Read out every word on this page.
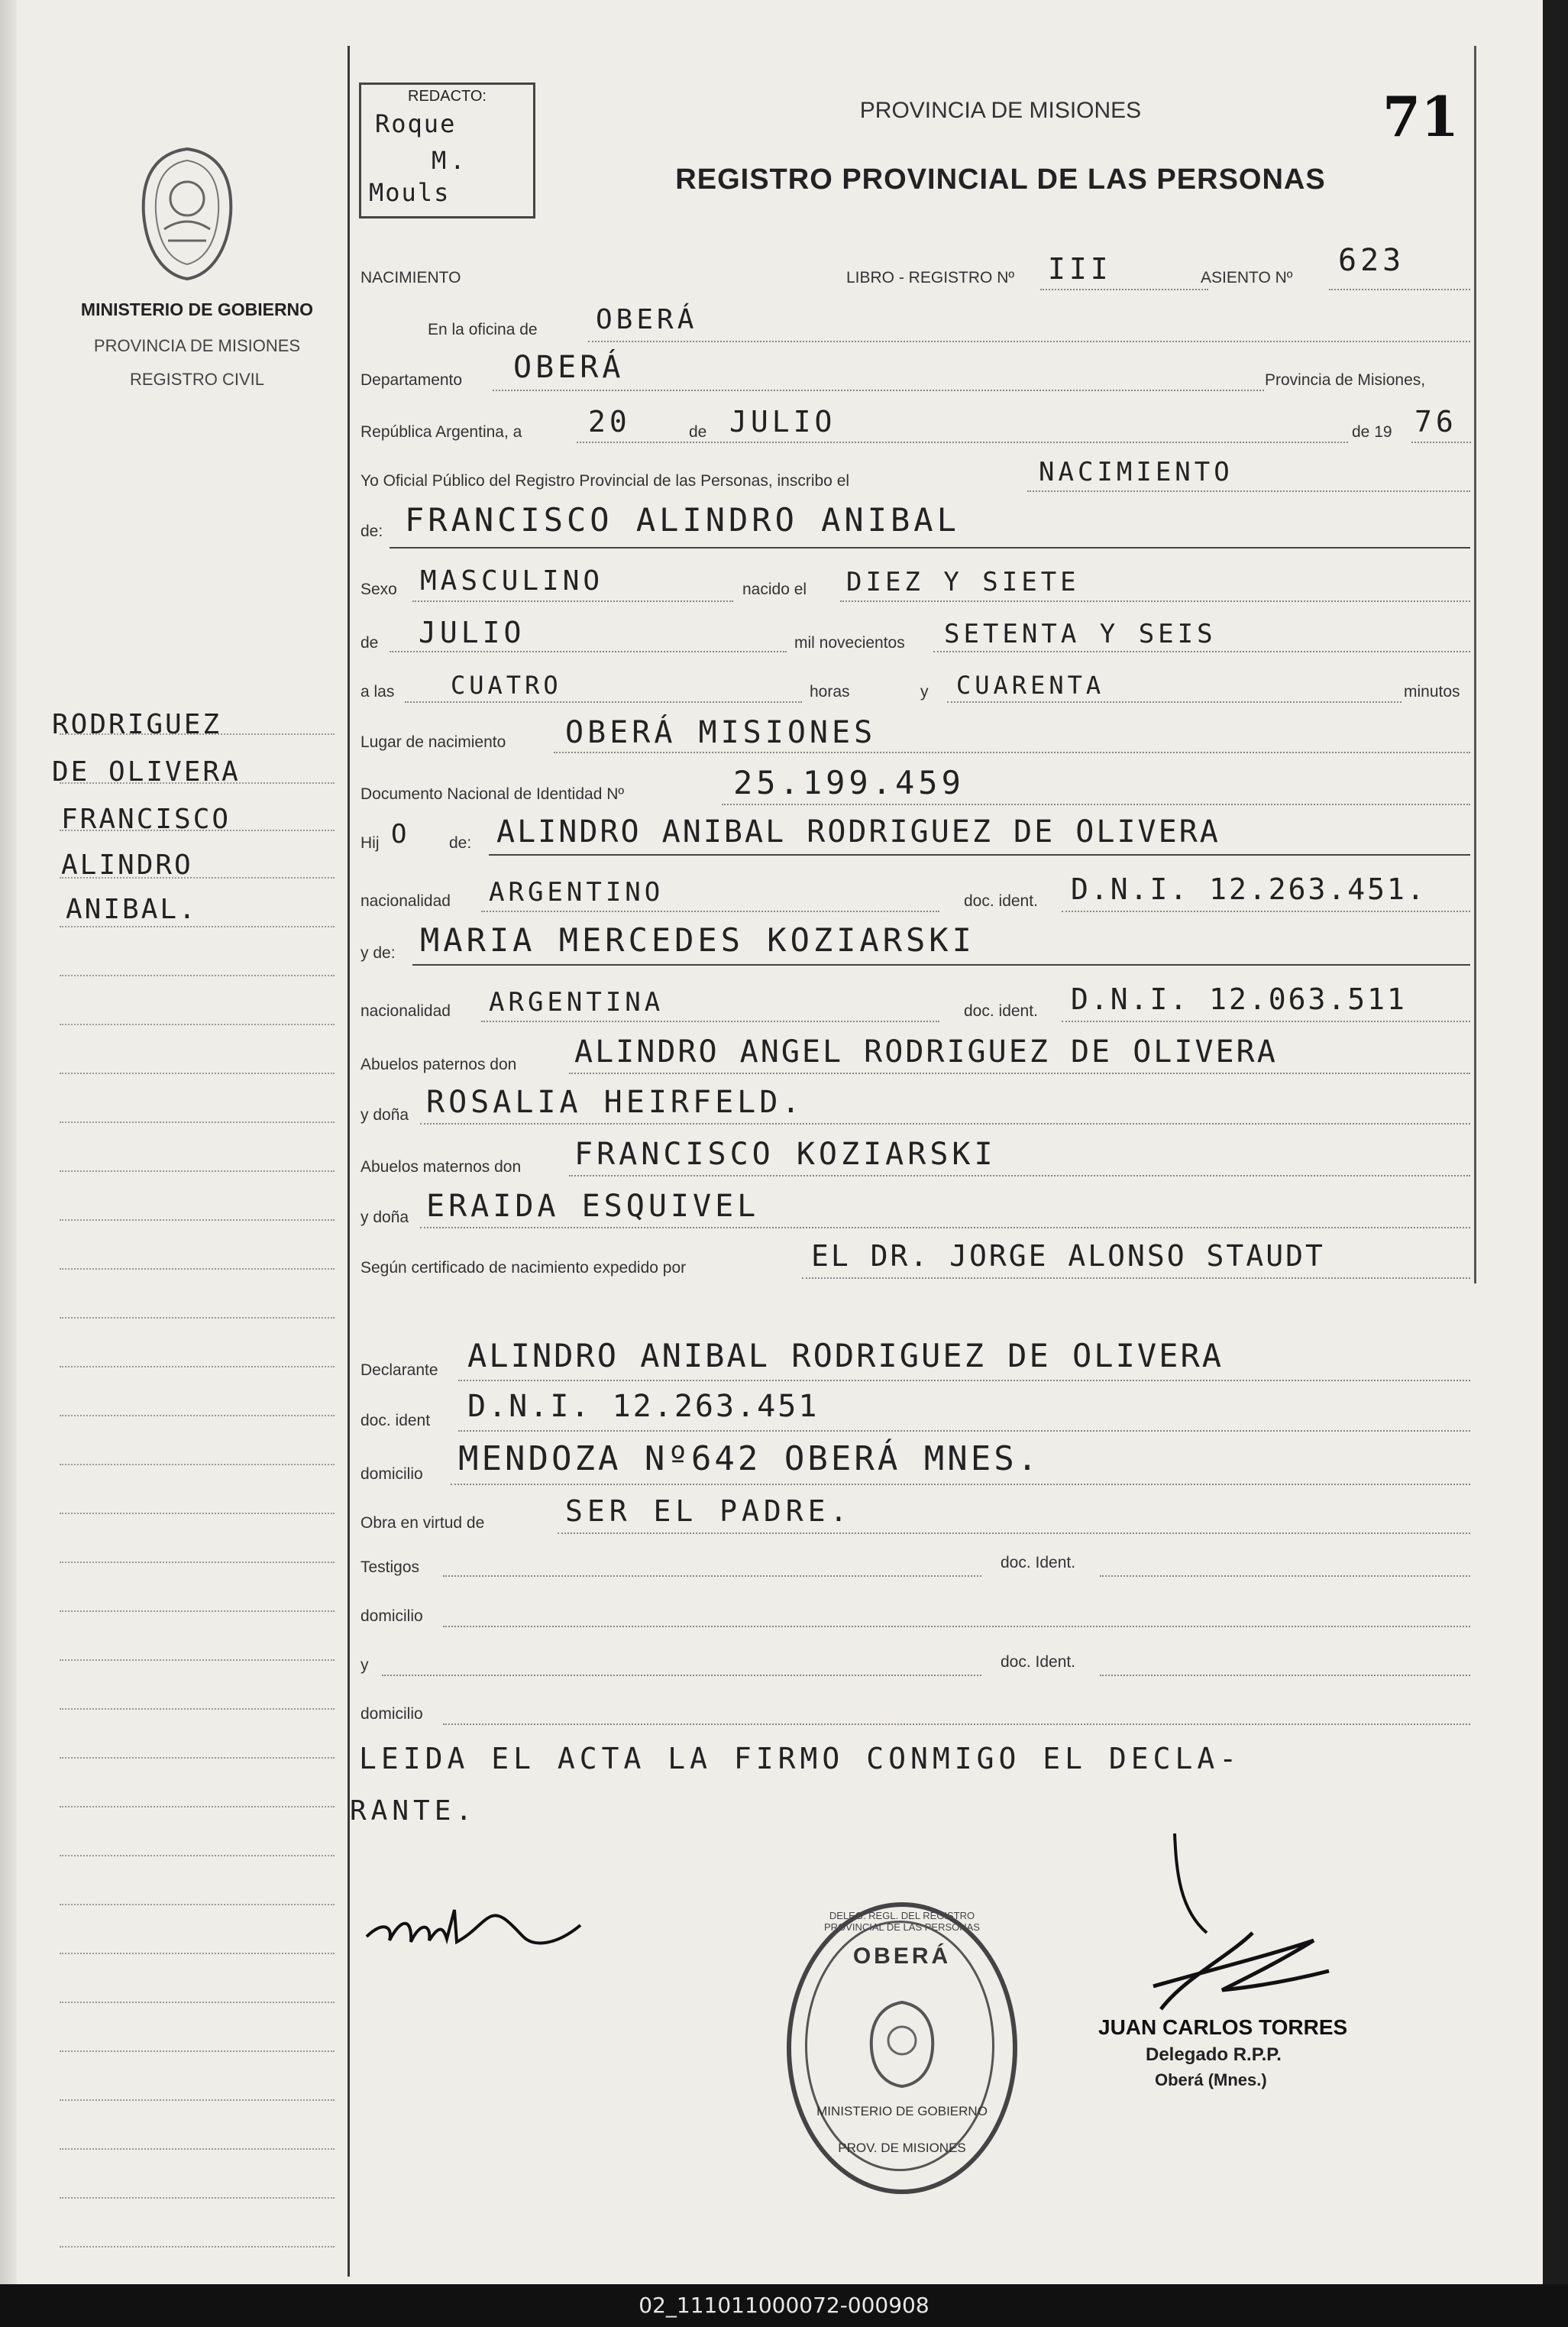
MINISTERIO DE GOBIERNO
PROVINCIA DE MISIONES
REGISTRO CIVIL
REDACTO:
Roque
M.
Mouls
PROVINCIA DE MISIONES
REGISTRO PROVINCIAL DE LAS PERSONAS
71
NACIMIENTO	LIBRO - REGISTRO Nº III	ASIENTO Nº 623
En la oficina de OBERÁ
Departamento OBERÁ	Provincia de Misiones,
República Argentina, a 20	de JULIO	de 19 76
Yo Oficial Público del Registro Provincial de las Personas, inscribo el	NACIMIENTO
de: FRANCISCO ALINDRO ANIBAL
Sexo MASCULINO	nacido el DIEZ Y SIETE
de JULIO	mil novecientos SETENTA Y SEIS
a las CUATRO	horas	y CUARENTA	minutos
Lugar de nacimiento OBERÁ MISIONES
Documento Nacional de Identidad Nº	25.199.459
Hij O de: ALINDRO ANIBAL RODRIGUEZ DE OLIVERA
nacionalidad ARGENTINO	doc. ident. D.N.I. 12.263.451.
y de: MARIA MERCEDES KOZIARSKI
nacionalidad ARGENTINA	doc. ident. D.N.I. 12.063.511
Abuelos paternos don ALINDRO ANGEL RODRIGUEZ DE OLIVERA
y doña ROSALIA HEIRFELD.
Abuelos maternos don FRANCISCO KOZIARSKI
y doña ERAIDA ESQUIVEL
Según certificado de nacimiento expedido por	EL DR. JORGE ALONSO STAUDT
Declarante ALINDRO ANIBAL RODRIGUEZ DE OLIVERA
doc. ident D.N.I. 12.263.451
domicilio MENDOZA Nº642 OBERÁ MNES.
Obra en virtud de	SER EL PADRE.
Testigos	doc. Ident.
domicilio
y	doc. Ident.
domicilio
LEIDA EL ACTA LA FIRMO CONMIGO EL DECLA-
RANTE.
JUAN CARLOS TORRES
Delegado R.P.P.
Oberá (Mnes.)
OBERÁ
MINISTERIO DE GOBIERNO
PROV. DE MISIONES
DELEG. REGL. DEL REGISTRO PROVINCIAL DE LAS PERSONAS
RODRIGUEZ
DE OLIVERA
FRANCISCO
ALINDRO
ANIBAL.
02_111011000072-000908
